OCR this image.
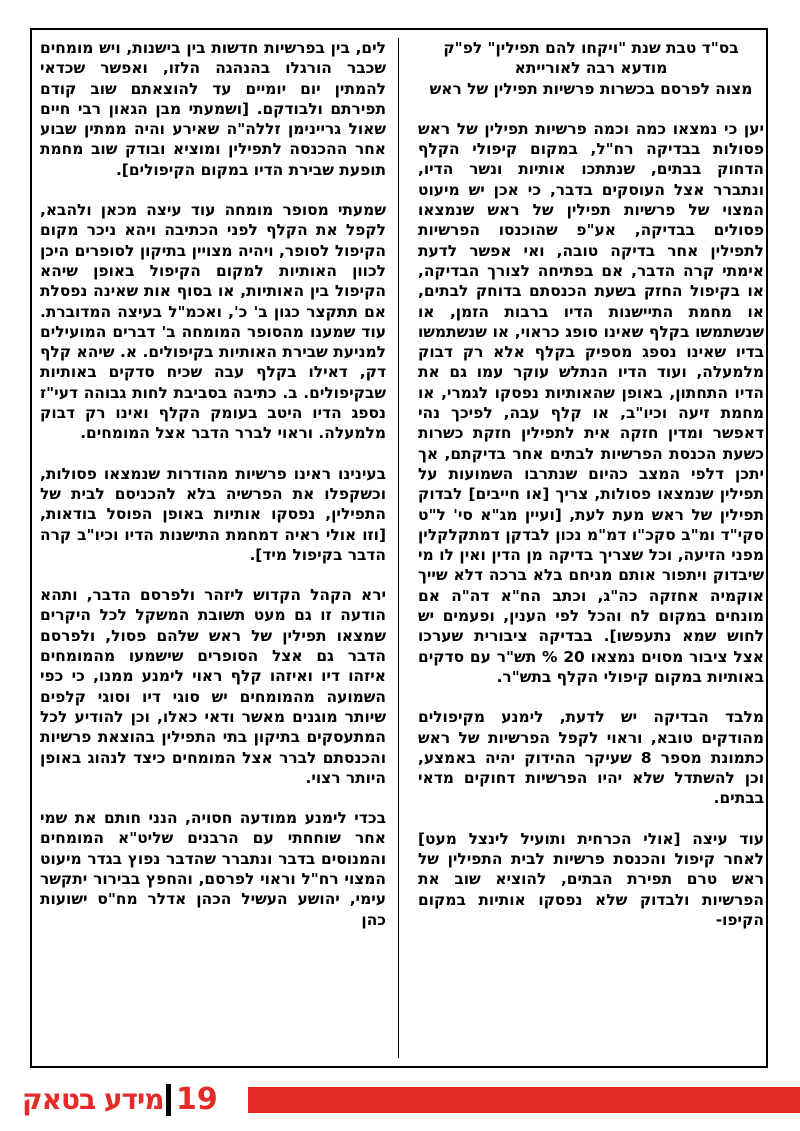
בס"ד טבת שנת "ויקחו להם תפילין" לפ"ק
מודעא רבה לאורייתא
מצוה לפרסם בכשרות פרשיות תפילין של ראש

יען כי נמצאו כמה וכמה פרשיות תפילין של ראש פסולות בבדיקה רח"ל, במקום קיפולי הקלף הדחוק בבתים, שנתתכו אותיות ונשר הדיו, ונתברר אצל העוסקים בדבר, כי אכן יש מיעוט המצוי של פרשיות תפילין של ראש שנמצאו פסולים בבדיקה, אע"פ שהוכנסו הפרשיות לתפילין אחר בדיקה טובה, ואי אפשר לדעת אימתי קרה הדבר, אם בפתיחה לצורך הבדיקה, או בקיפול החזק בשעת הכנסתם בדוחק לבתים, או מחמת התיישנות הדיו ברבות הזמן, או שנשתמשו בקלף שאינו סופג כראוי, או שנשתמשו בדיו שאינו נספג מספיק בקלף אלא רק דבוק מלמעלה, ועוד הדיו הנתלש עוקר עמו גם את הדיו התחתון, באופן שהאותיות נפסקו לגמרי, או מחמת זיעה וכיו"ב, או קלף עבה, לפיכך נהי דאפשר ומדין חזקה אית לתפילין חזקת כשרות כשעת הכנסת הפרשיות לבתים אחר בדיקתם, אך יתכן דלפי המצב כהיום שנתרבו השמועות על תפילין שנמצאו פסולות, צריך [או חייבים] לבדוק תפילין של ראש מעת לעת, [ועיין מג"א סי' ל"ט סקי"ד ומ"ב סקכ"ו דמ"מ נכון לבדקן דמתקלקלין מפני הזיעה, וכל שצריך בדיקה מן הדין ואין לו מי שיבדוק ויתפור אותם מניחם בלא ברכה דלא שייך אוקמיה אחזקה כה"ג, וכתב הח"א דה"ה אם מונחים במקום לח והכל לפי הענין, ופעמים יש לחוש שמא נתעפשו]. בבדיקה ציבורית שערכו אצל ציבור מסוים נמצאו 20 % תש"ר עם סדקים באותיות במקום קיפולי הקלף בתש"ר.

מלבד הבדיקה יש לדעת, לימנע מקיפולים מהודקים טובא, וראוי לקפל הפרשיות של ראש כתמונת מספר 8 שעיקר ההידוק יהיה באמצע, וכן להשתדל שלא יהיו הפרשיות דחוקים מדאי בבתים.

עוד עיצה [אולי הכרחית ותועיל לינצל מעט] לאחר קיפול והכנסת פרשיות לבית התפילין של ראש טרם תפירת הבתים, להוציא שוב את הפרשיות ולבדוק שלא נפסקו אותיות במקום הקיפו-

לים, בין בפרשיות חדשות בין בישנות, ויש מומחים שכבר הורגלו בהנהגה הלזו, ואפשר שכדאי להמתין יום יומיים עד להוצאתם שוב קודם תפירתם ולבודקם. [ושמעתי מבן הגאון רבי חיים שאול גריינימן זללה"ה שאירע והיה ממתין שבוע אחר ההכנסה לתפילין ומוציא ובודק שוב מחמת תופעת שבירת הדיו במקום הקיפולים].

שמעתי מסופר מומחה עוד עיצה מכאן ולהבא, לקפל את הקלף לפני הכתיבה ויהא ניכר מקום הקיפול לסופר, ויהיה מצויין בתיקון לסופרים היכן לכוון האותיות למקום הקיפול באופן שיהא הקיפול בין האותיות, או בסוף אות שאינה נפסלת אם תתקצר כגון ב' כ', ואכמ"ל בעיצה המדוברת. עוד שמענו מהסופר המומחה ב' דברים המועילים למניעת שבירת האותיות בקיפולים. א. שיהא קלף דק, דאילו בקלף עבה שכיח סדקים באותיות שבקיפולים. ב. כתיבה בסביבת לחות גבוהה דעי"ז נספג הדיו היטב בעומק הקלף ואינו רק דבוק מלמעלה. וראוי לברר הדבר אצל המומחים.

בעינינו ראינו פרשיות מהודרות שנמצאו פסולות, וכשקפלו את הפרשיה בלא להכניסם לבית של התפילין, נפסקו אותיות באופן הפוסל בודאות, [וזו אולי ראיה דמחמת התישנות הדיו וכיו"ב קרה הדבר בקיפול מיד].

ירא הקהל הקדוש ליזהר ולפרסם הדבר, ותהא הודעה זו גם מעט תשובת המשקל לכל היקרים שמצאו תפילין של ראש שלהם פסול, ולפרסם הדבר גם אצל הסופרים שישמעו מהמומחים איזהו דיו ואיזהו קלף ראוי לימנע ממנו, כי כפי השמועה מהמומחים יש סוגי דיו וסוגי קלפים שיותר מוגנים מאשר ודאי כאלו, וכן להודיע לכל המתעסקים בתיקון בתי התפילין בהוצאת פרשיות והכנסתם לברר אצל המומחים כיצד לנהוג באופן היותר רצוי.

בכדי לימנע ממודעה חסויה, הנני חותם את שמי אחר שוחחתי עם הרבנים שליט"א המומחים והמנוסים בדבר ונתברר שהדבר נפוץ בגדר מיעוט המצוי רח"ל וראוי לפרסם, והחפץ בבירור יתקשר עימי, יהושע העשיל הכהן אדלר מח"ס ישועות כהן

מידע בטאק 19
